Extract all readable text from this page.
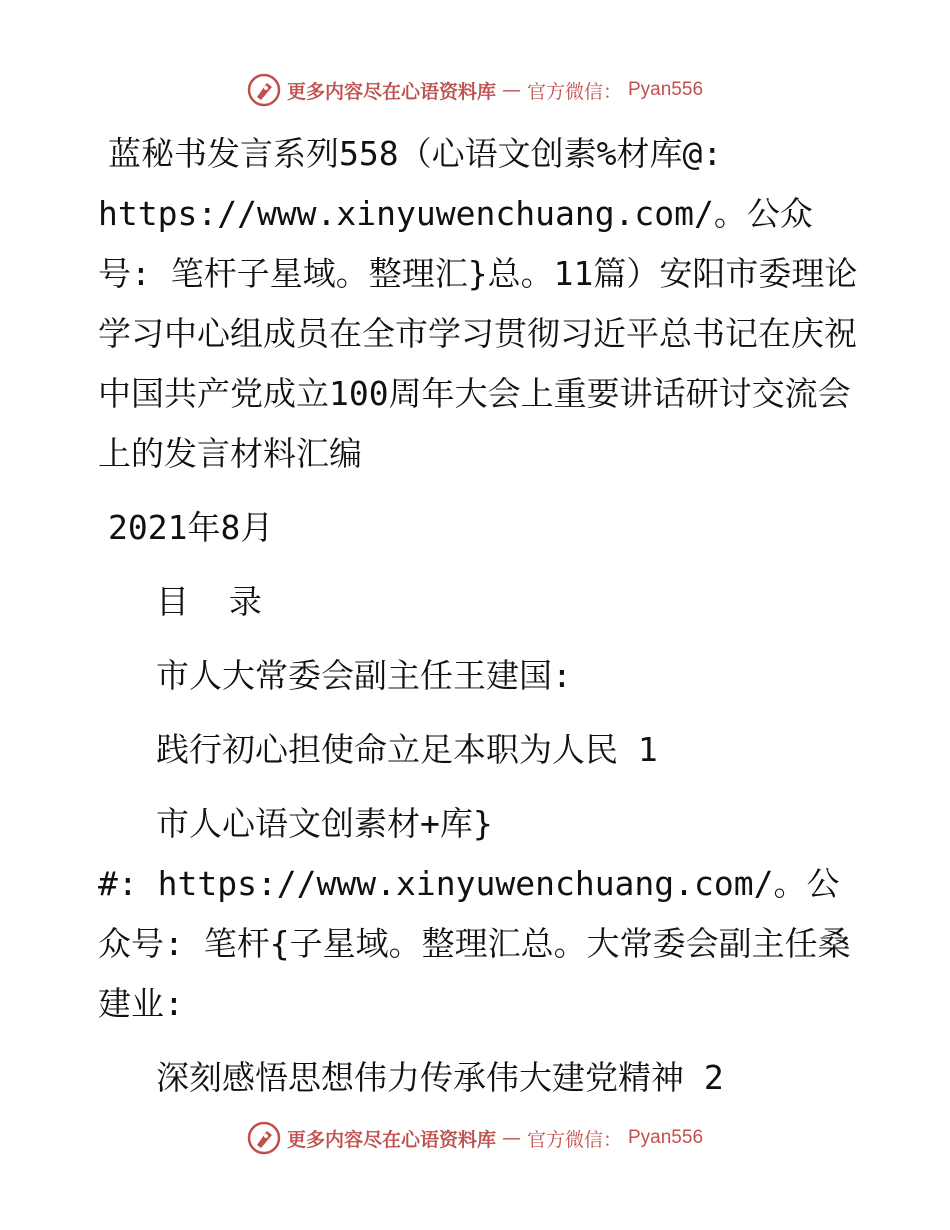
更多内容尽在心语资料库 — 官方微信： Pyan556

蓝秘书发言系列558（心语文创素%材库@: https://www.xinyuwenchuang.com/。公众号: 笔杆子星域。整理汇}总。11篇）安阳市委理论学习中心组成员在全市学习贯彻习近平总书记在庆祝中国共产党成立100周年大会上重要讲话研讨交流会上的发言材料汇编

2021年8月

目 录

市人大常委会副主任王建国:

践行初心担使命立足本职为人民 1

市人心语文创素材+库}

#: https://www.xinyuwenchuang.com/。公众号: 笔杆{子星域。整理汇总。大常委会副主任桑建业:

深刻感悟思想伟力传承伟大建党精神 2

更多内容尽在心语资料库 — 官方微信： Pyan556
